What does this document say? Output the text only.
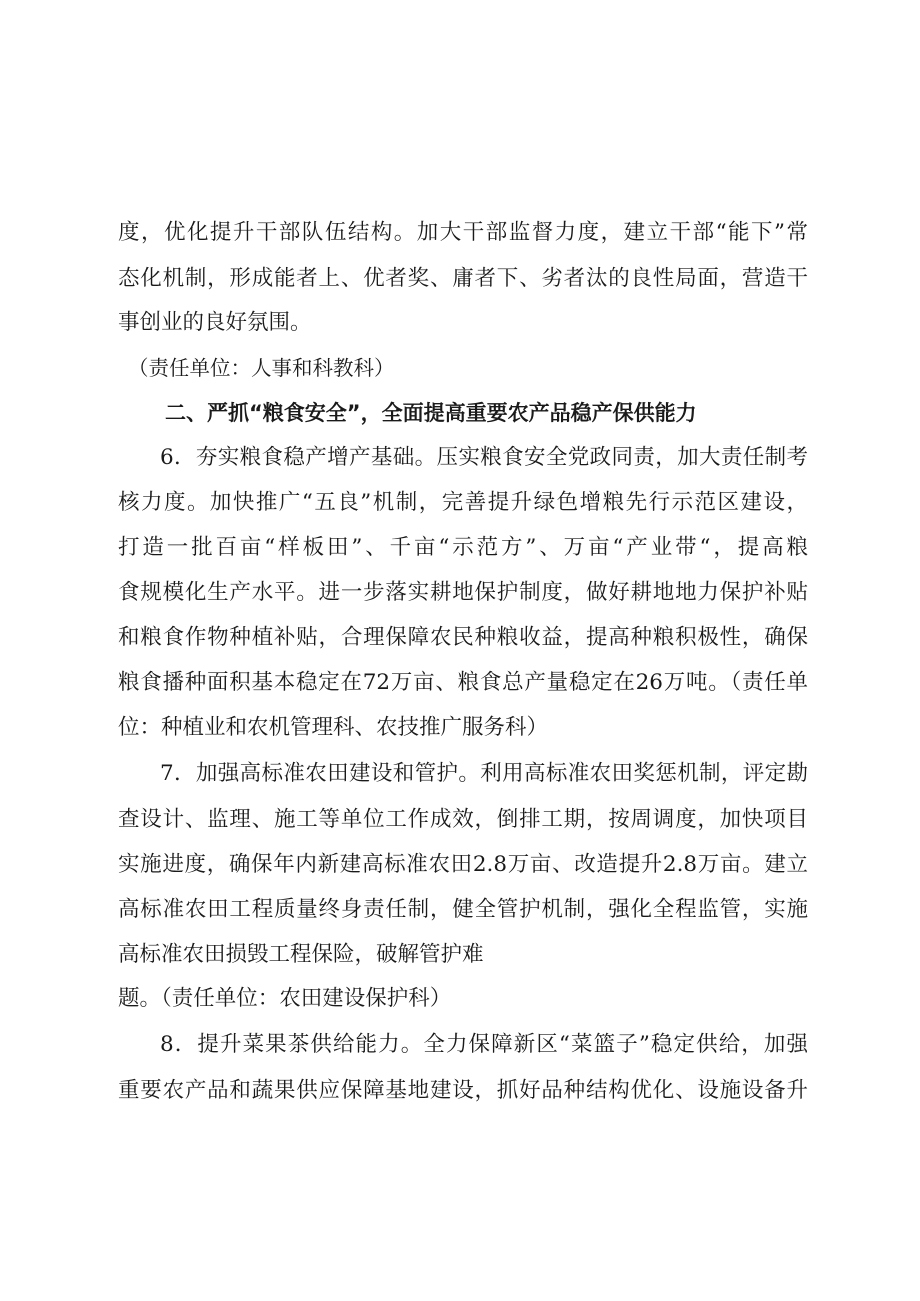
度，优化提升干部队伍结构。加大干部监督力度，建立干部“能下”常
态化机制，形成能者上、优者奖、庸者下、劣者汰的良性局面，营造干
事创业的良好氛围。
（责任单位：人事和科教科）
二、严抓“粮食安全”，全面提高重要农产品稳产保供能力
6．夯实粮食稳产增产基础。压实粮食安全党政同责，加大责任制考
核力度。加快推广“五良”机制，完善提升绿色增粮先行示范区建设，
打造一批百亩“样板田”、千亩“示范方”、万亩“产业带“，提高粮
食规模化生产水平。进一步落实耕地保护制度，做好耕地地力保护补贴
和粮食作物种植补贴，合理保障农民种粮收益，提高种粮积极性，确保
粮食播种面积基本稳定在72万亩、粮食总产量稳定在26万吨。（责任单
位：种植业和农机管理科、农技推广服务科）
7．加强高标准农田建设和管护。利用高标准农田奖惩机制，评定勘
查设计、监理、施工等单位工作成效，倒排工期，按周调度，加快项目
实施进度，确保年内新建高标准农田2.8万亩、改造提升2.8万亩。建立
高标准农田工程质量终身责任制，健全管护机制，强化全程监管，实施
高标准农田损毁工程保险，破解管护难
题。（责任单位：农田建设保护科）
8．提升菜果茶供给能力。全力保障新区“菜篮子”稳定供给，加强
重要农产品和蔬果供应保障基地建设，抓好品种结构优化、设施设备升
